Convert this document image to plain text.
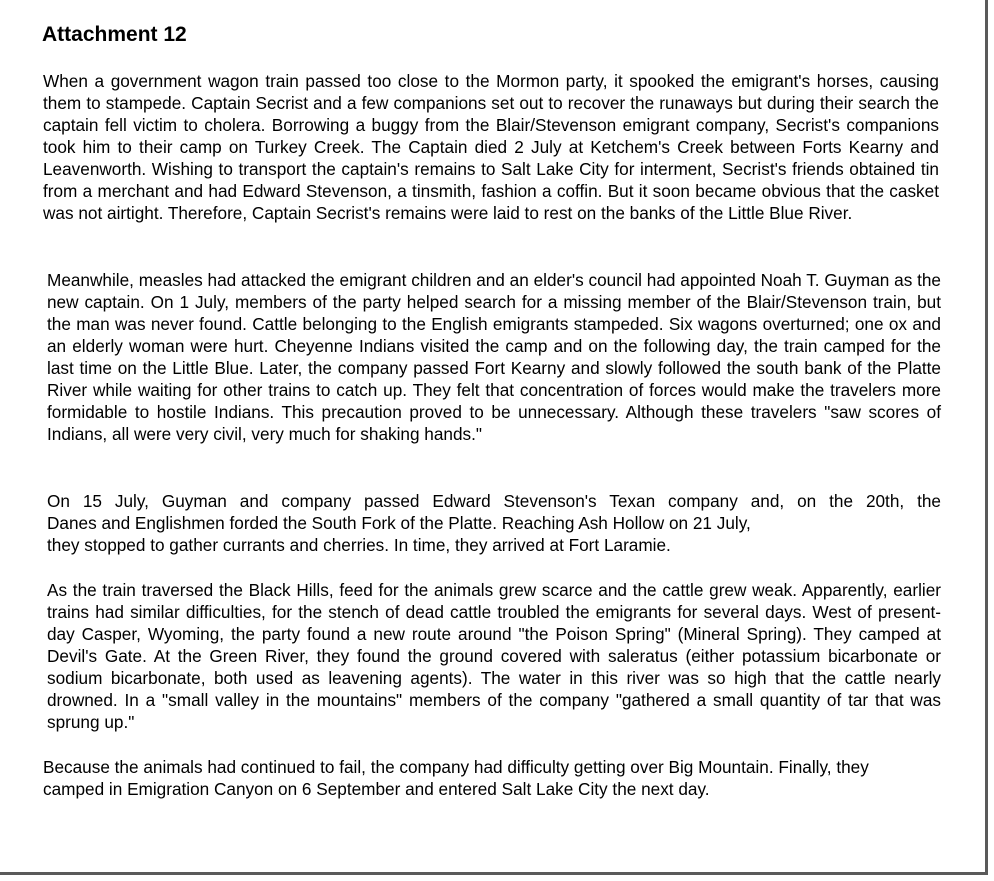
Attachment 12

When a government wagon train passed too close to the Mormon party, it spooked the emigrant's horses, causing them to stampede. Captain Secrist and a few companions set out to recover the runaways but during their search the captain fell victim to cholera. Borrowing a buggy from the Blair/Stevenson emigrant company, Secrist's companions took him to their camp on Turkey Creek. The Captain died 2 July at Ketchem's Creek between Forts Kearny and Leavenworth. Wishing to transport the captain's remains to Salt Lake City for interment, Secrist's friends obtained tin from a merchant and had Edward Stevenson, a tinsmith, fashion a coffin. But it soon became obvious that the casket was not airtight. Therefore, Captain Secrist's remains were laid to rest on the banks of the Little Blue River.

Meanwhile, measles had attacked the emigrant children and an elder's council had appointed Noah T. Guyman as the new captain. On 1 July, members of the party helped search for a missing member of the Blair/Stevenson train, but the man was never found. Cattle belonging to the English emigrants stampeded. Six wagons overturned; one ox and an elderly woman were hurt. Cheyenne Indians visited the camp and on the following day, the train camped for the last time on the Little Blue. Later, the company passed Fort Kearny and slowly followed the south bank of the Platte River while waiting for other trains to catch up. They felt that concentration of forces would make the travelers more formidable to hostile Indians. This precaution proved to be unnecessary. Although these travelers "saw scores of Indians, all were very civil, very much for shaking hands."

On 15 July, Guyman and company passed Edward Stevenson's Texan company and, on the 20th, the
Danes and Englishmen forded the South Fork of the Platte. Reaching Ash Hollow on 21 July,
they stopped to gather currants and cherries. In time, they arrived at Fort Laramie.

As the train traversed the Black Hills, feed for the animals grew scarce and the cattle grew weak. Apparently, earlier trains had similar difficulties, for the stench of dead cattle troubled the emigrants for several days. West of present-day Casper, Wyoming, the party found a new route around "the Poison Spring" (Mineral Spring). They camped at Devil's Gate. At the Green River, they found the ground covered with saleratus (either potassium bicarbonate or sodium bicarbonate, both used as leavening agents). The water in this river was so high that the cattle nearly drowned. In a "small valley in the mountains" members of the company "gathered a small quantity of tar that was sprung up."

Because the animals had continued to fail, the company had difficulty getting over Big Mountain. Finally, they camped in Emigration Canyon on 6 September and entered Salt Lake City the next day.
